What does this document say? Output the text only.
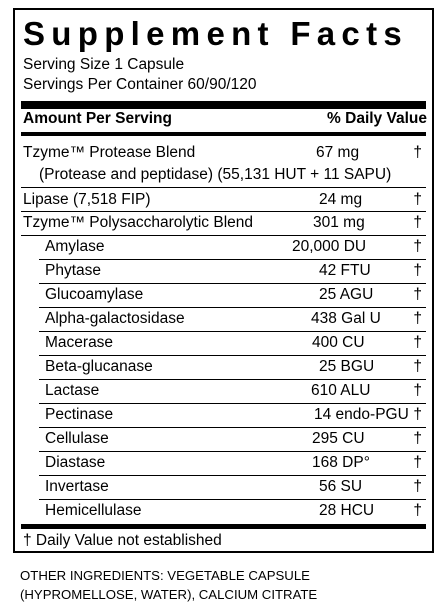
Supplement Facts
Serving Size 1 Capsule
Servings Per Container 60/90/120
Amount Per Serving	% Daily Value
Tzyme™ Protease Blend	67 mg	†
(Protease and peptidase) (55,131 HUT + 11 SAPU)
Lipase (7,518 FIP)	24 mg	†
Tzyme™ Polysaccharolytic Blend	301 mg	†
Amylase	20,000 DU	†
Phytase	42 FTU	†
Glucoamylase	25 AGU	†
Alpha-galactosidase	438 Gal U †
Macerase	400 CU	†
Beta-glucanase	25 BGU	†
Lactase	610 ALU	†
Pectinase	14 endo-PGU †
Cellulase	295 CU	†
Diastase	168 DP°	†
Invertase	56 SU	†
Hemicellulase	28 HCU	†
† Daily Value not established
OTHER INGREDIENTS: VEGETABLE CAPSULE
(HYPROMELLOSE, WATER), CALCIUM CITRATE
